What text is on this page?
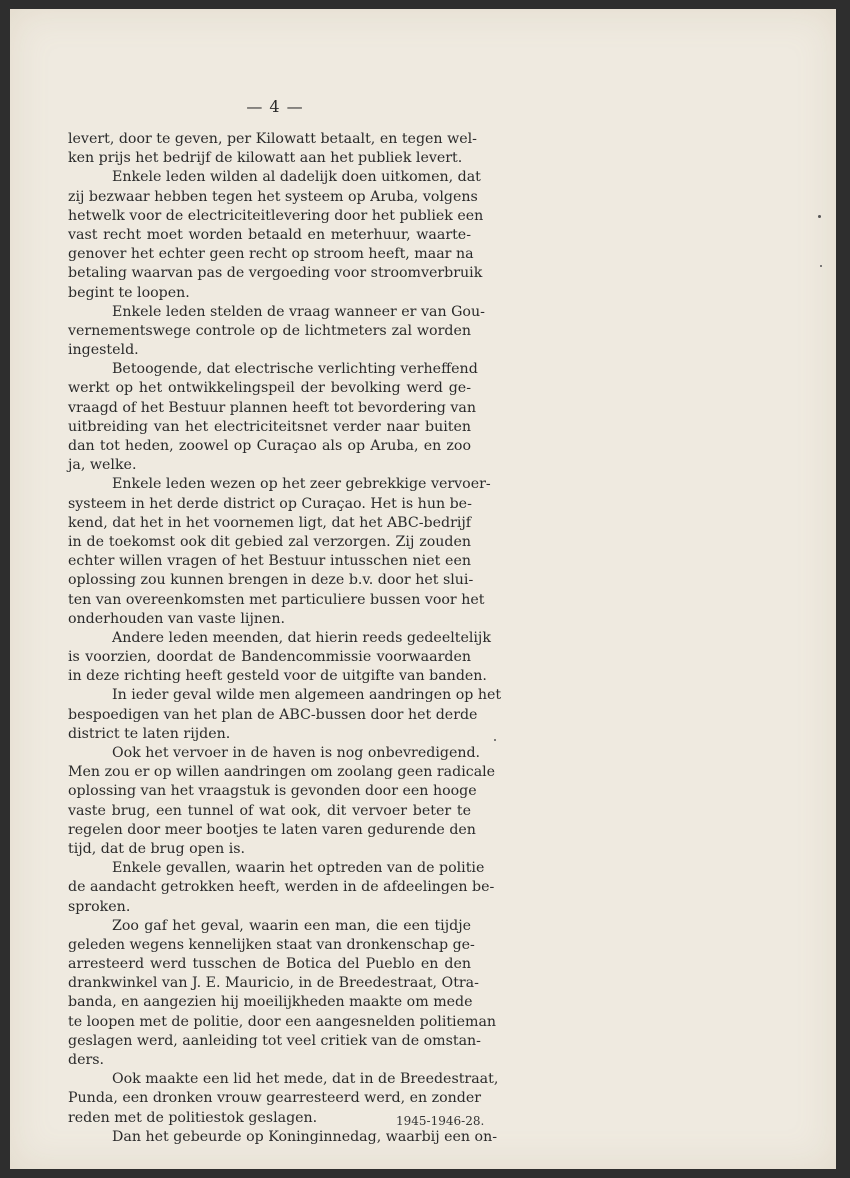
— 4 —
levert, door te geven, per Kilowatt betaalt, en tegen wel-
ken prijs het bedrijf de kilowatt aan het publiek levert.
Enkele leden wilden al dadelijk doen uitkomen, dat
zij bezwaar hebben tegen het systeem op Aruba, volgens
hetwelk voor de electriciteitlevering door het publiek een
vast recht moet worden betaald en meterhuur, waarte-
genover het echter geen recht op stroom heeft, maar na
betaling waarvan pas de vergoeding voor stroomverbruik
begint te loopen.
Enkele leden stelden de vraag wanneer er van Gou-
vernementswege controle op de lichtmeters zal worden
ingesteld.
Betoogende, dat electrische verlichting verheffend
werkt op het ontwikkelingspeil der bevolking werd ge-
vraagd of het Bestuur plannen heeft tot bevordering van
uitbreiding van het electriciteitsnet verder naar buiten
dan tot heden, zoowel op Curaçao als op Aruba, en zoo
ja, welke.
Enkele leden wezen op het zeer gebrekkige vervoer-
systeem in het derde district op Curaçao. Het is hun be-
kend, dat het in het voornemen ligt, dat het ABC-bedrijf
in de toekomst ook dit gebied zal verzorgen. Zij zouden
echter willen vragen of het Bestuur intusschen niet een
oplossing zou kunnen brengen in deze b.v. door het slui-
ten van overeenkomsten met particuliere bussen voor het
onderhouden van vaste lijnen.
Andere leden meenden, dat hierin reeds gedeeltelijk
is voorzien, doordat de Bandencommissie voorwaarden
in deze richting heeft gesteld voor de uitgifte van banden.
In ieder geval wilde men algemeen aandringen op het
bespoedigen van het plan de ABC-bussen door het derde
district te laten rijden.
Ook het vervoer in de haven is nog onbevredigend.
Men zou er op willen aandringen om zoolang geen radicale
oplossing van het vraagstuk is gevonden door een hooge
vaste brug, een tunnel of wat ook, dit vervoer beter te
regelen door meer bootjes te laten varen gedurende den
tijd, dat de brug open is.
Enkele gevallen, waarin het optreden van de politie
de aandacht getrokken heeft, werden in de afdeelingen be-
sproken.
Zoo gaf het geval, waarin een man, die een tijdje
geleden wegens kennelijken staat van dronkenschap ge-
arresteerd werd tusschen de Botica del Pueblo en den
drankwinkel van J. E. Mauricio, in de Breedestraat, Otra-
banda, en aangezien hij moeilijkheden maakte om mede
te loopen met de politie, door een aangesnelden politieman
geslagen werd, aanleiding tot veel critiek van de omstan-
ders.
Ook maakte een lid het mede, dat in de Breedestraat,
Punda, een dronken vrouw gearresteerd werd, en zonder
reden met de politiestok geslagen.
Dan het gebeurde op Koninginnedag, waarbij een on-
1945-1946-28.
